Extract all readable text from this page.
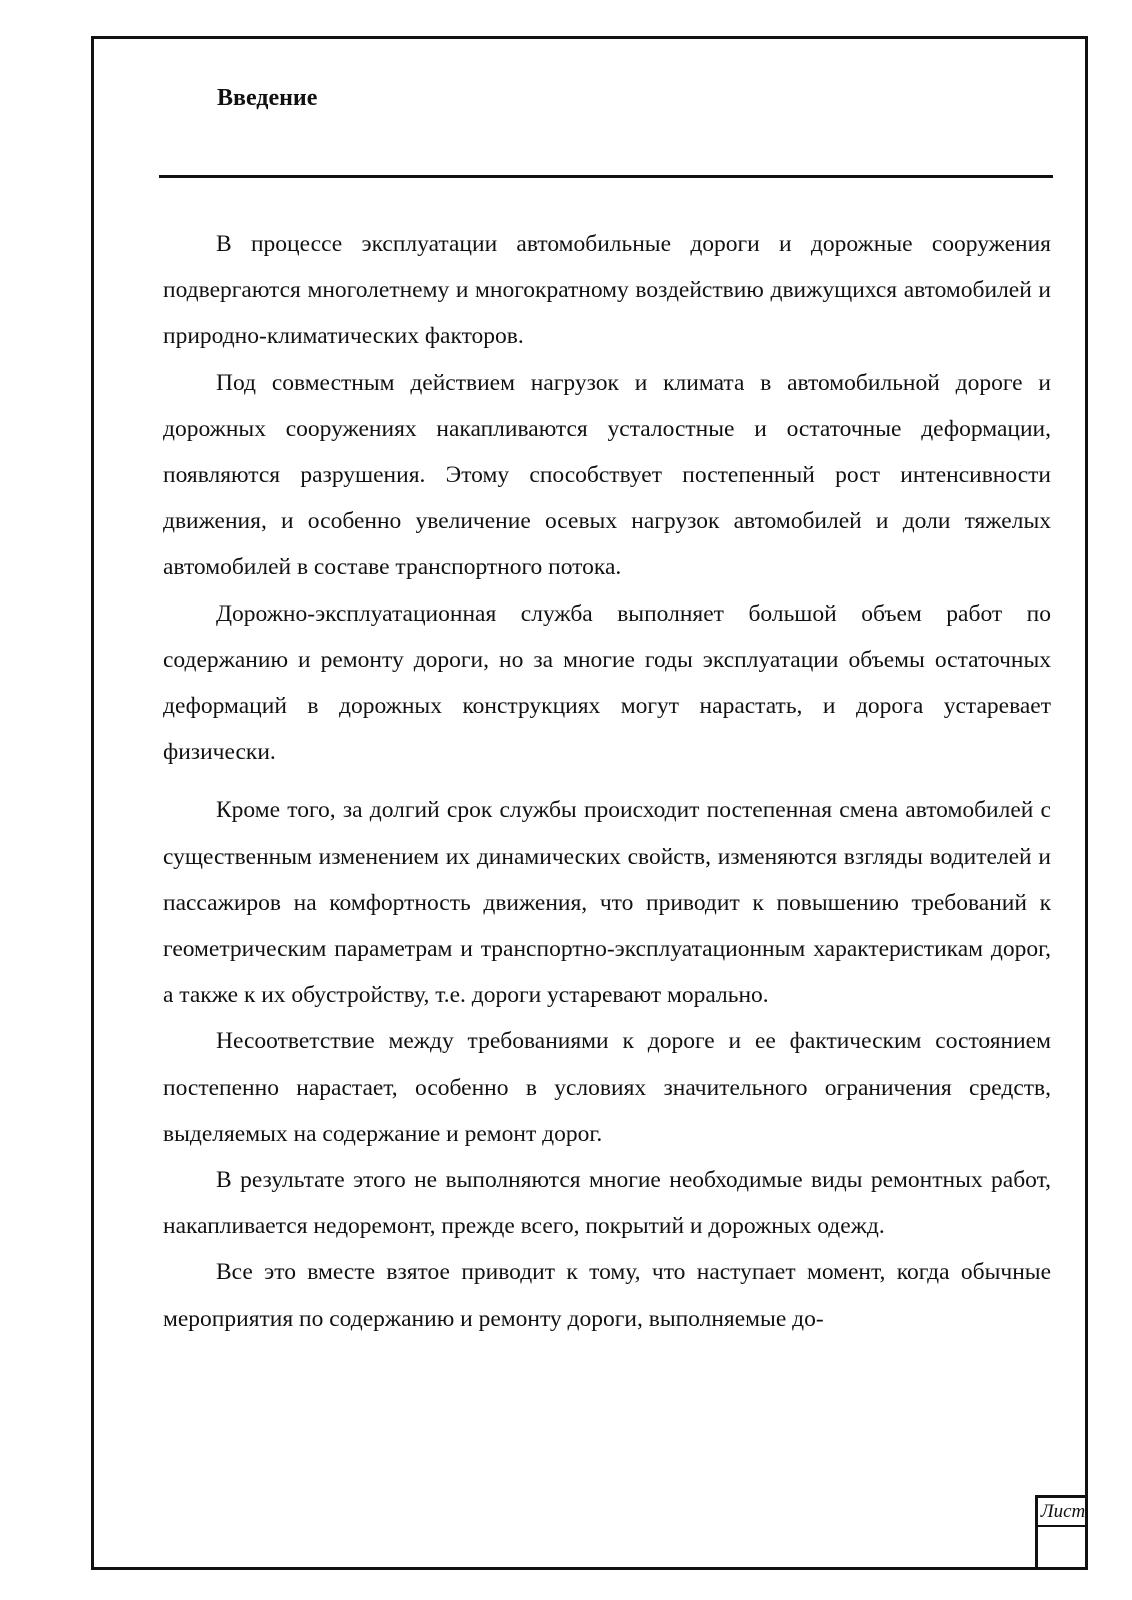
Введение

В процессе эксплуатации автомобильные дороги и дорожные сооружения подвергаются многолетнему и многократному воздействию движущихся автомобилей и природно-климатических факторов.

Под совместным действием нагрузок и климата в автомобильной дороге и дорожных сооружениях накапливаются усталостные и остаточные деформации, появляются разрушения. Этому способствует постепенный рост интенсивности движения, и особенно увеличение осевых нагрузок автомобилей и доли тяжелых автомобилей в составе транспортного потока.

Дорожно-эксплуатационная служба выполняет большой объем работ по содержанию и ремонту дороги, но за многие годы эксплуатации объемы остаточных деформаций в дорожных конструкциях могут нарастать, и дорога устаревает физически.

Кроме того, за долгий срок службы происходит постепенная смена автомобилей с существенным изменением их динамических свойств, изменяются взгляды водителей и пассажиров на комфортность движения, что приводит к повышению требований к геометрическим параметрам и транспортно-эксплуатационным характеристикам дорог, а также к их обустройству, т.е. дороги устаревают морально.

Несоответствие между требованиями к дороге и ее фактическим состоянием постепенно нарастает, особенно в условиях значительного ограничения средств, выделяемых на содержание и ремонт дорог.

В результате этого не выполняются многие необходимые виды ремонтных работ, накапливается недоремонт, прежде всего, покрытий и дорожных одежд.

Все это вместе взятое приводит к тому, что наступает момент, когда обычные мероприятия по содержанию и ремонту дороги, выполняемые до-

Лист
